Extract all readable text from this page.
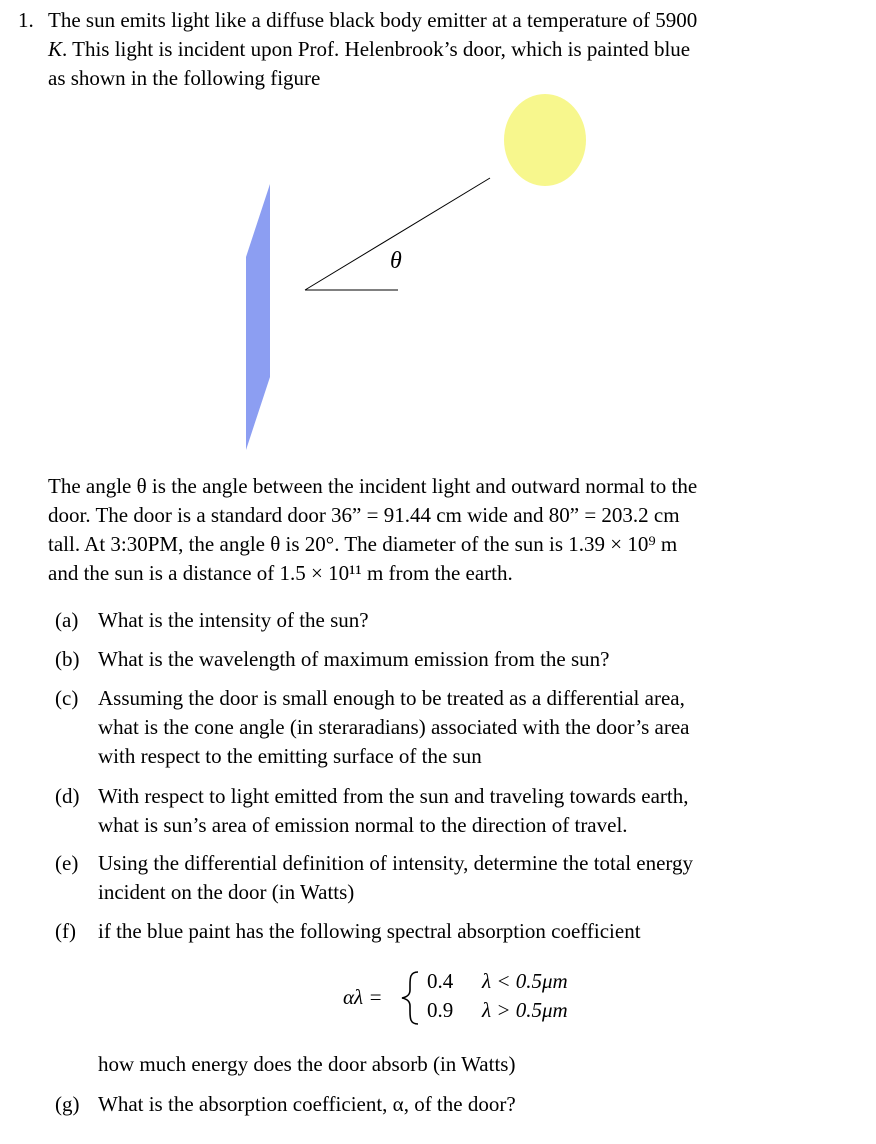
1. The sun emits light like a diffuse black body emitter at a temperature of 5900
K. This light is incident upon Prof. Helenbrook’s door, which is painted blue
as shown in the following figure
θ
The angle θ is the angle between the incident light and outward normal to the
door. The door is a standard door 36” = 91.44 cm wide and 80” = 203.2 cm
tall. At 3:30PM, the angle θ is 20°. The diameter of the sun is 1.39 × 10⁹ m
and the sun is a distance of 1.5 × 10¹¹ m from the earth.
(a) What is the intensity of the sun?
(b) What is the wavelength of maximum emission from the sun?
(c) Assuming the door is small enough to be treated as a differential area,
what is the cone angle (in steraradians) associated with the door’s area
with respect to the emitting surface of the sun
(d) With respect to light emitted from the sun and traveling towards earth,
what is sun’s area of emission normal to the direction of travel.
(e) Using the differential definition of intensity, determine the total energy
incident on the door (in Watts)
(f) if the blue paint has the following spectral absorption coefficient
αλ =
0.4 λ < 0.5μm
0.9 λ > 0.5μm
how much energy does the door absorb (in Watts)
(g) What is the absorption coefficient, α, of the door?
